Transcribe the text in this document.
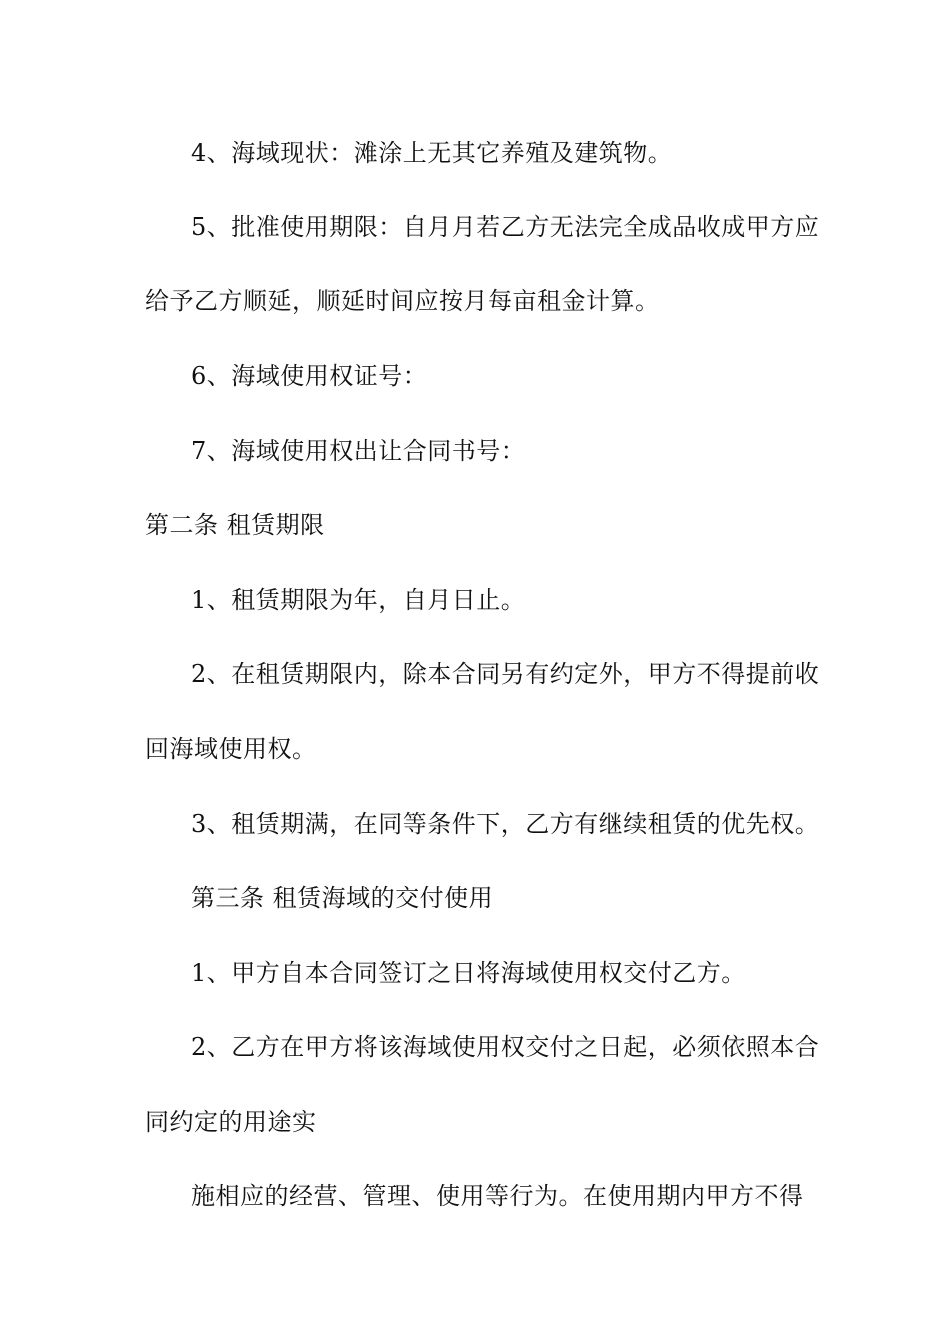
4、海域现状：滩涂上无其它养殖及建筑物。
5、批准使用期限：自月月若乙方无法完全成品收成甲方应
给予乙方顺延，顺延时间应按月每亩租金计算。
6、海域使用权证号：
7、海域使用权出让合同书号：
第二条 租赁期限
1、租赁期限为年，自月日止。
2、在租赁期限内，除本合同另有约定外，甲方不得提前收
回海域使用权。
3、租赁期满，在同等条件下，乙方有继续租赁的优先权。
第三条 租赁海域的交付使用
1、甲方自本合同签订之日将海域使用权交付乙方。
2、乙方在甲方将该海域使用权交付之日起，必须依照本合
同约定的用途实
施相应的经营、管理、使用等行为。在使用期内甲方不得
